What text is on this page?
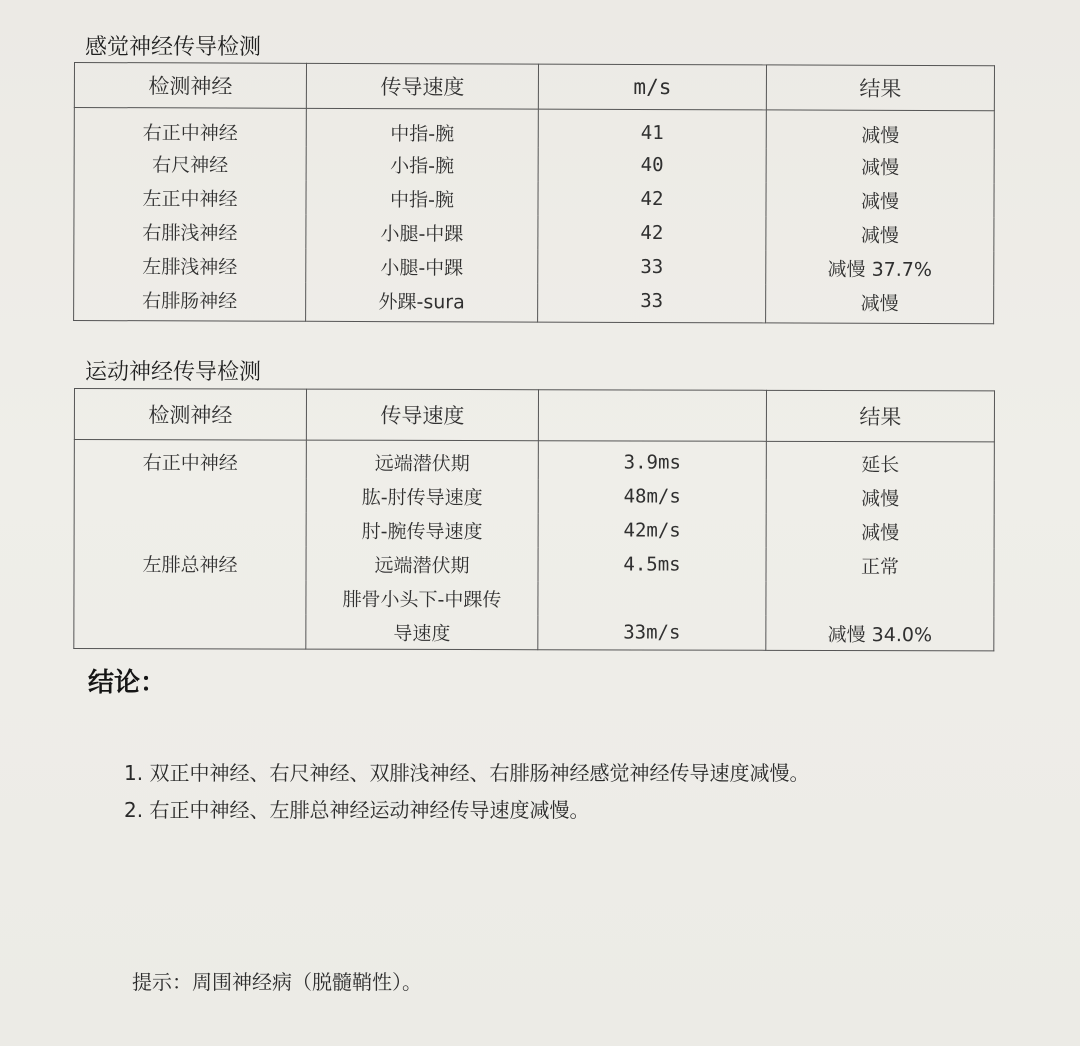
感觉神经传导检测
检测神经	传导速度	m/s	结果
右正中神经	中指-腕	41	减慢
右尺神经	小指-腕	40	减慢
左正中神经	中指-腕	42	减慢
右腓浅神经	小腿-中踝	42	减慢
左腓浅神经	小腿-中踝	33	减慢 37.7%
右腓肠神经	外踝-sura	33	减慢
运动神经传导检测
检测神经	传导速度		结果
右正中神经	远端潜伏期	3.9ms	延长
	肱-肘传导速度	48m/s	减慢
	肘-腕传导速度	42m/s	减慢
左腓总神经	远端潜伏期	4.5ms	正常
	腓骨小头下-中踝传		
	导速度	33m/s	减慢 34.0%
结论：
1. 双正中神经、右尺神经、双腓浅神经、右腓肠神经感觉神经传导速度减慢。
2. 右正中神经、左腓总神经运动神经传导速度减慢。
提示：周围神经病（脱髓鞘性）。
